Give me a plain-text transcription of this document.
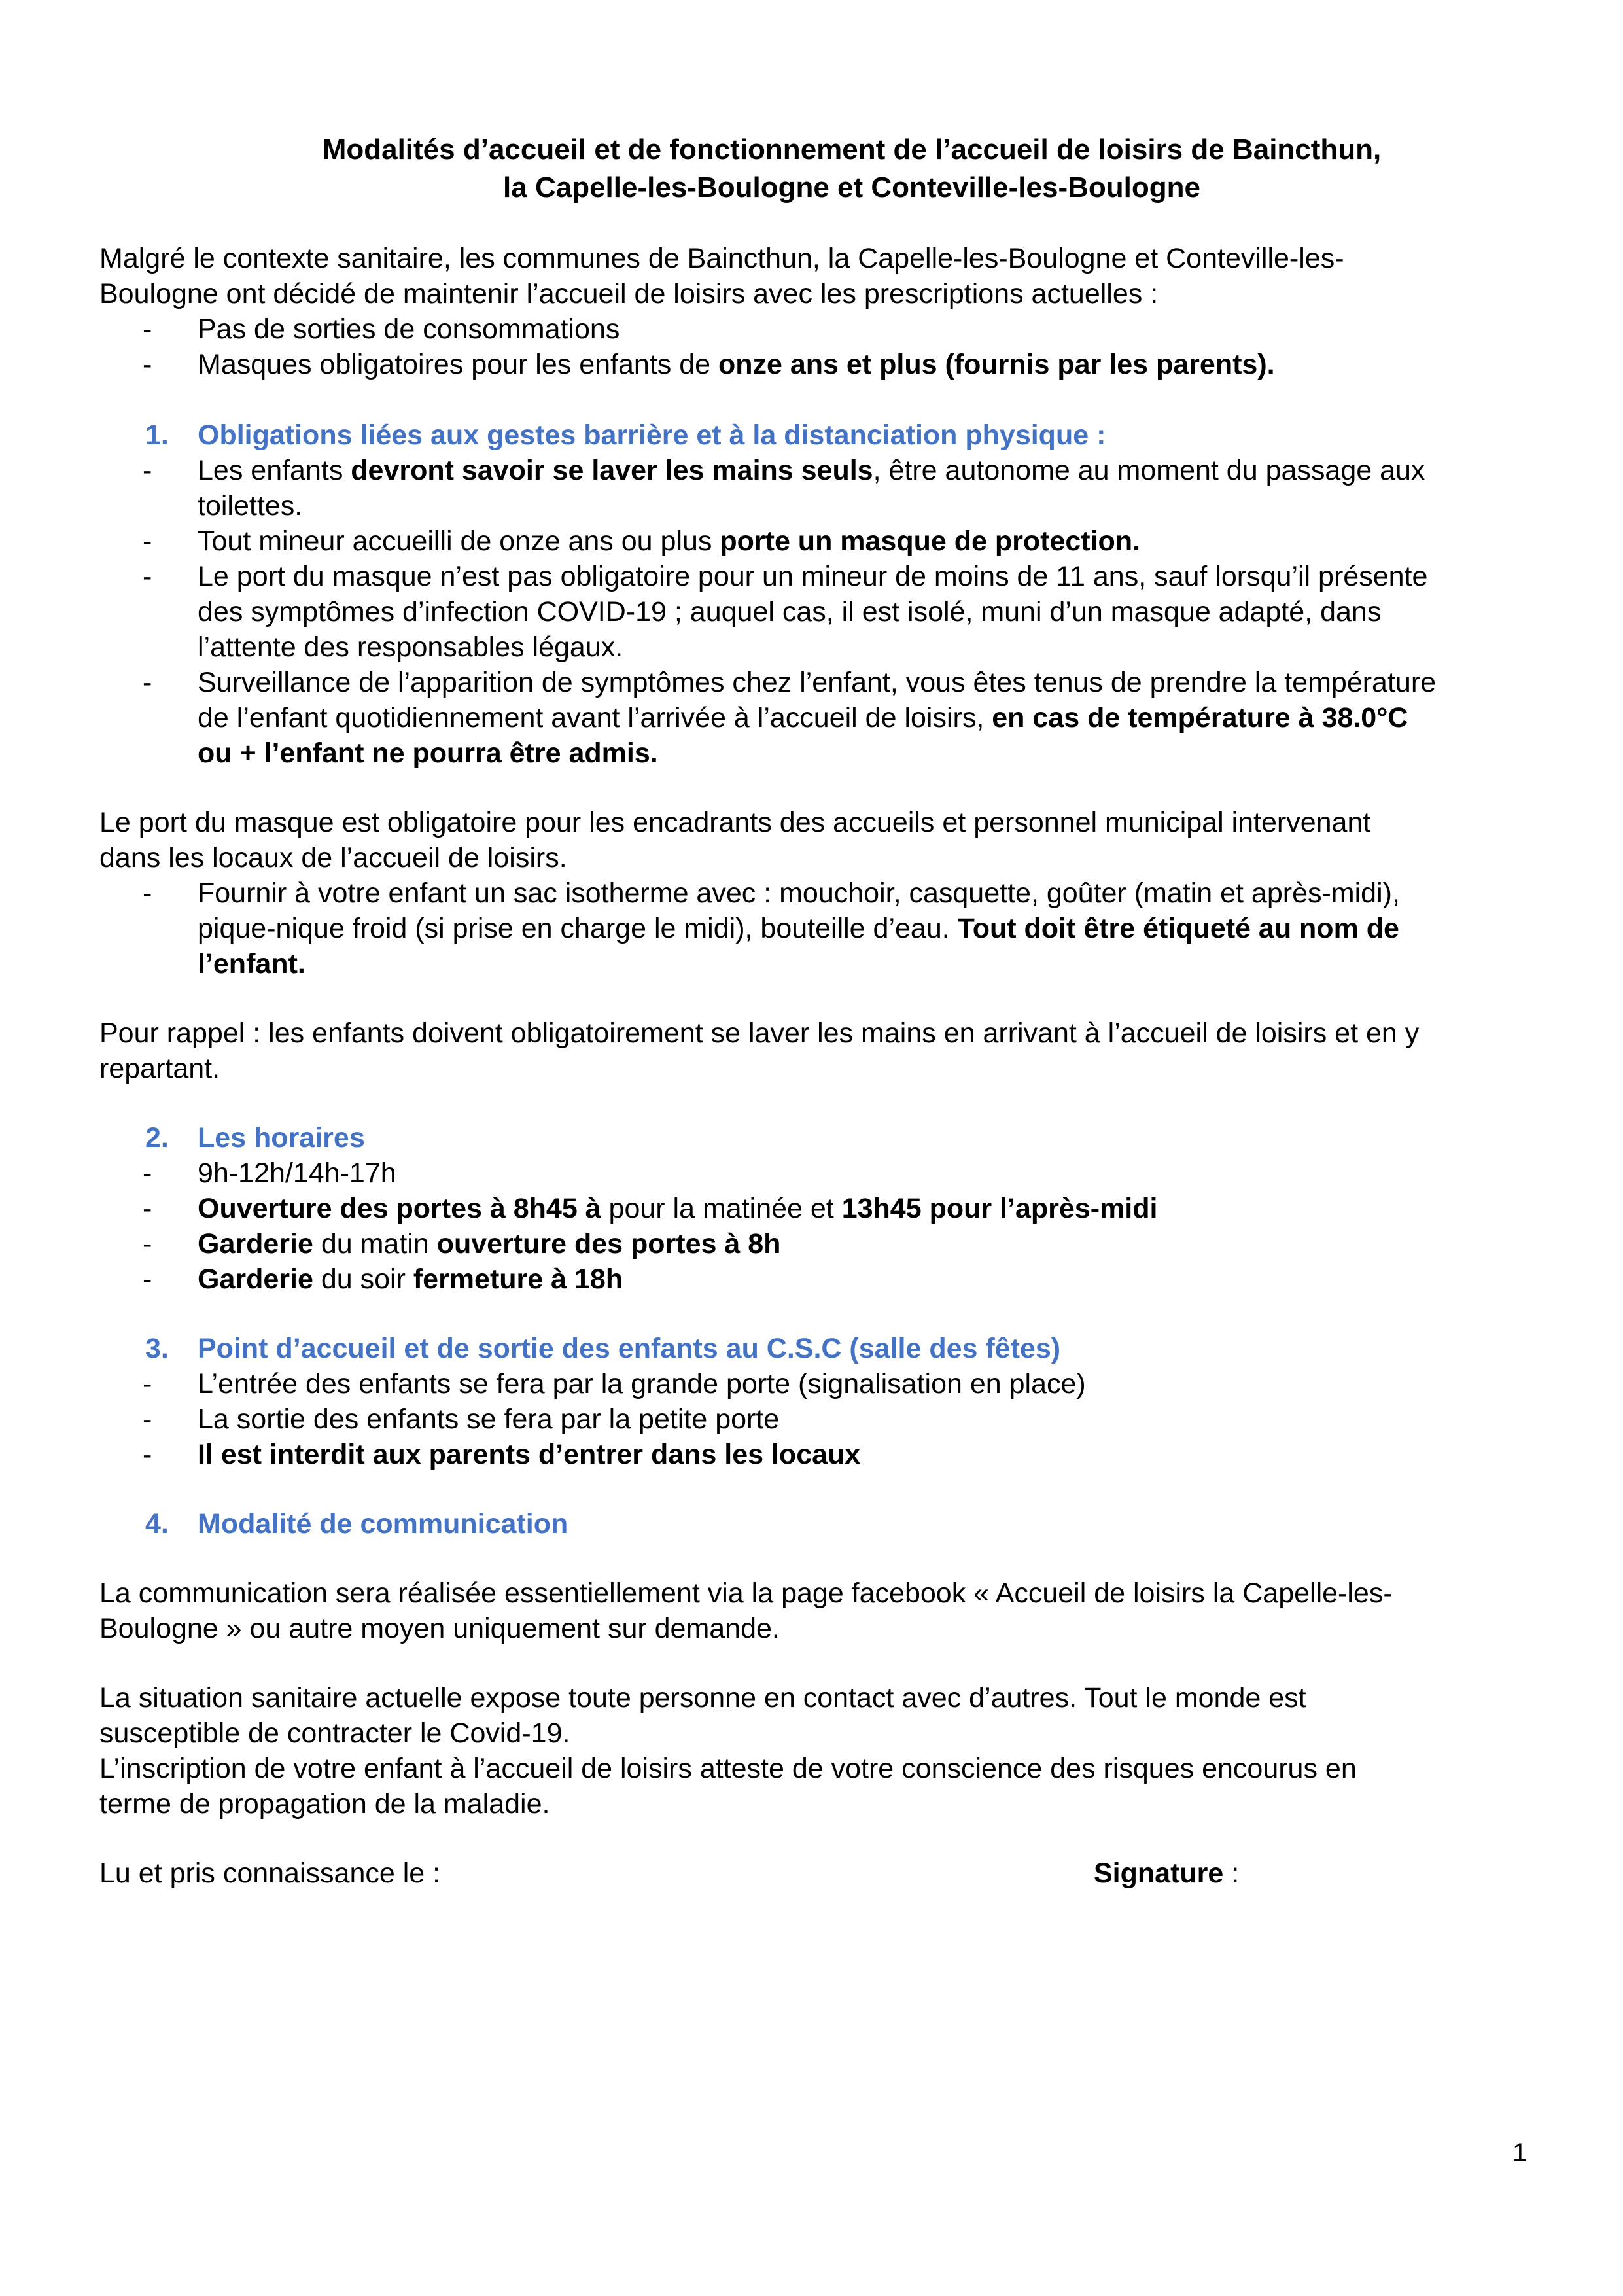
Modalités d’accueil et de fonctionnement de l’accueil de loisirs de Baincthun,
la Capelle-les-Boulogne et Conteville-les-Boulogne

Malgré le contexte sanitaire, les communes de Baincthun, la Capelle-les-Boulogne et Conteville-les-

Boulogne ont décidé de maintenir l’accueil de loisirs avec les prescriptions actuelles :

- Pas de sorties de consommations
- Masques obligatoires pour les enfants de onze ans et plus (fournis par les parents).
1. Obligations liées aux gestes barrière et à la distanciation physique :
- Les enfants devront savoir se laver les mains seuls, être autonome au moment du passage aux
toilettes.
- Tout mineur accueilli de onze ans ou plus porte un masque de protection.
- Le port du masque n’est pas obligatoire pour un mineur de moins de 11 ans, sauf lorsqu’il présente
des symptômes d’infection COVID-19 ; auquel cas, il est isolé, muni d’un masque adapté, dans
l’attente des responsables légaux.
- Surveillance de l’apparition de symptômes chez l’enfant, vous êtes tenus de prendre la température
de l’enfant quotidiennement avant l’arrivée à l’accueil de loisirs, en cas de température à 38.0°C
ou + l’enfant ne pourra être admis.

Le port du masque est obligatoire pour les encadrants des accueils et personnel municipal intervenant

dans les locaux de l’accueil de loisirs.

- Fournir à votre enfant un sac isotherme avec : mouchoir, casquette, goûter (matin et après-midi),
pique-nique froid (si prise en charge le midi), bouteille d’eau. Tout doit être étiqueté au nom de
l’enfant.

Pour rappel : les enfants doivent obligatoirement se laver les mains en arrivant à l’accueil de loisirs et en y

repartant.

2. Les horaires
- 9h-12h/14h-17h
- Ouverture des portes à 8h45 à pour la matinée et 13h45 pour l’après-midi
- Garderie du matin ouverture des portes à 8h
- Garderie du soir fermeture à 18h
3. Point d’accueil et de sortie des enfants au C.S.C (salle des fêtes)
- L’entrée des enfants se fera par la grande porte (signalisation en place)
- La sortie des enfants se fera par la petite porte
- Il est interdit aux parents d’entrer dans les locaux
4. Modalité de communication

La communication sera réalisée essentiellement via la page facebook « Accueil de loisirs la Capelle-les-

Boulogne » ou autre moyen uniquement sur demande.

La situation sanitaire actuelle expose toute personne en contact avec d’autres. Tout le monde est

susceptible de contracter le Covid-19.

L’inscription de votre enfant à l’accueil de loisirs atteste de votre conscience des risques encourus en

terme de propagation de la maladie.

Lu et pris connaissance le :	Signature :
1
